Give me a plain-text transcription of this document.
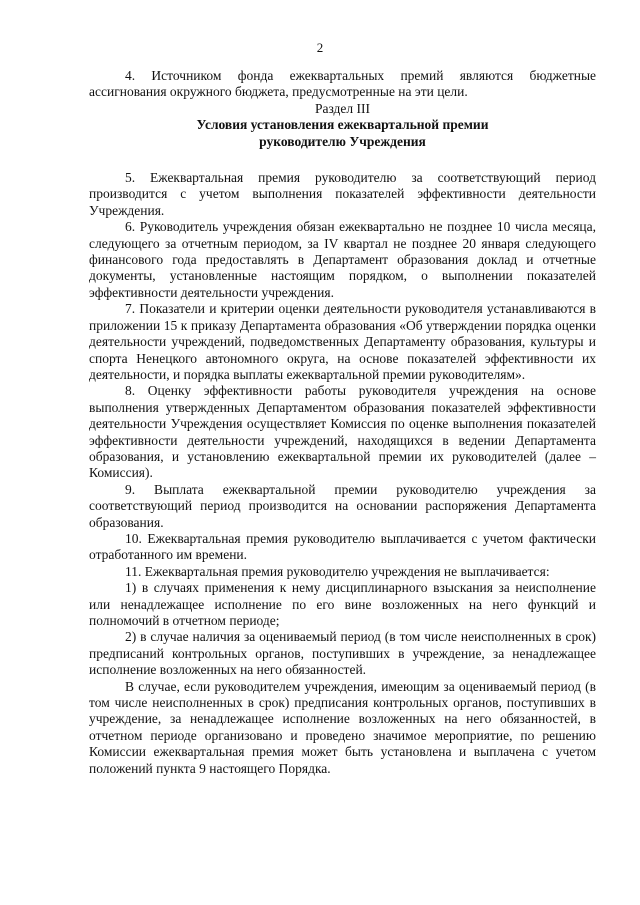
2

4. Источником фонда ежеквартальных премий являются бюджетные ассигнования окружного бюджета, предусмотренные на эти цели.

Раздел III
Условия установления ежеквартальной премии
руководителю Учреждения

5. Ежеквартальная премия руководителю за соответствующий период производится с учетом выполнения показателей эффективности деятельности Учреждения.

6. Руководитель учреждения обязан ежеквартально не позднее 10 числа месяца, следующего за отчетным периодом, за IV квартал не позднее 20 января следующего финансового года предоставлять в Департамент образования доклад и отчетные документы, установленные настоящим порядком, о выполнении показателей эффективности деятельности учреждения.

7. Показатели и критерии оценки деятельности руководителя устанавливаются в приложении 15 к приказу Департамента образования «Об утверждении порядка оценки деятельности учреждений, подведомственных Департаменту образования, культуры и спорта Ненецкого автономного округа, на основе показателей эффективности их деятельности, и порядка выплаты ежеквартальной премии руководителям».

8. Оценку эффективности работы руководителя учреждения на основе выполнения утвержденных Департаментом образования показателей эффективности деятельности Учреждения осуществляет Комиссия по оценке выполнения показателей эффективности деятельности учреждений, находящихся в ведении Департамента образования, и установлению ежеквартальной премии их руководителей (далее – Комиссия).

9. Выплата ежеквартальной премии руководителю учреждения за соответствующий период производится на основании распоряжения Департамента образования.

10. Ежеквартальная премия руководителю выплачивается с учетом фактически отработанного им времени.

11. Ежеквартальная премия руководителю учреждения не выплачивается:

1) в случаях применения к нему дисциплинарного взыскания за неисполнение или ненадлежащее исполнение по его вине возложенных на него функций и полномочий в отчетном периоде;

2) в случае наличия за оцениваемый период (в том числе неисполненных в срок) предписаний контрольных органов, поступивших в учреждение, за ненадлежащее исполнение возложенных на него обязанностей.

В случае, если руководителем учреждения, имеющим за оцениваемый период (в том числе неисполненных в срок) предписания контрольных органов, поступивших в учреждение, за ненадлежащее исполнение возложенных на него обязанностей, в отчетном периоде организовано и проведено значимое мероприятие, по решению Комиссии ежеквартальная премия может быть установлена и выплачена с учетом положений пункта 9 настоящего Порядка.
